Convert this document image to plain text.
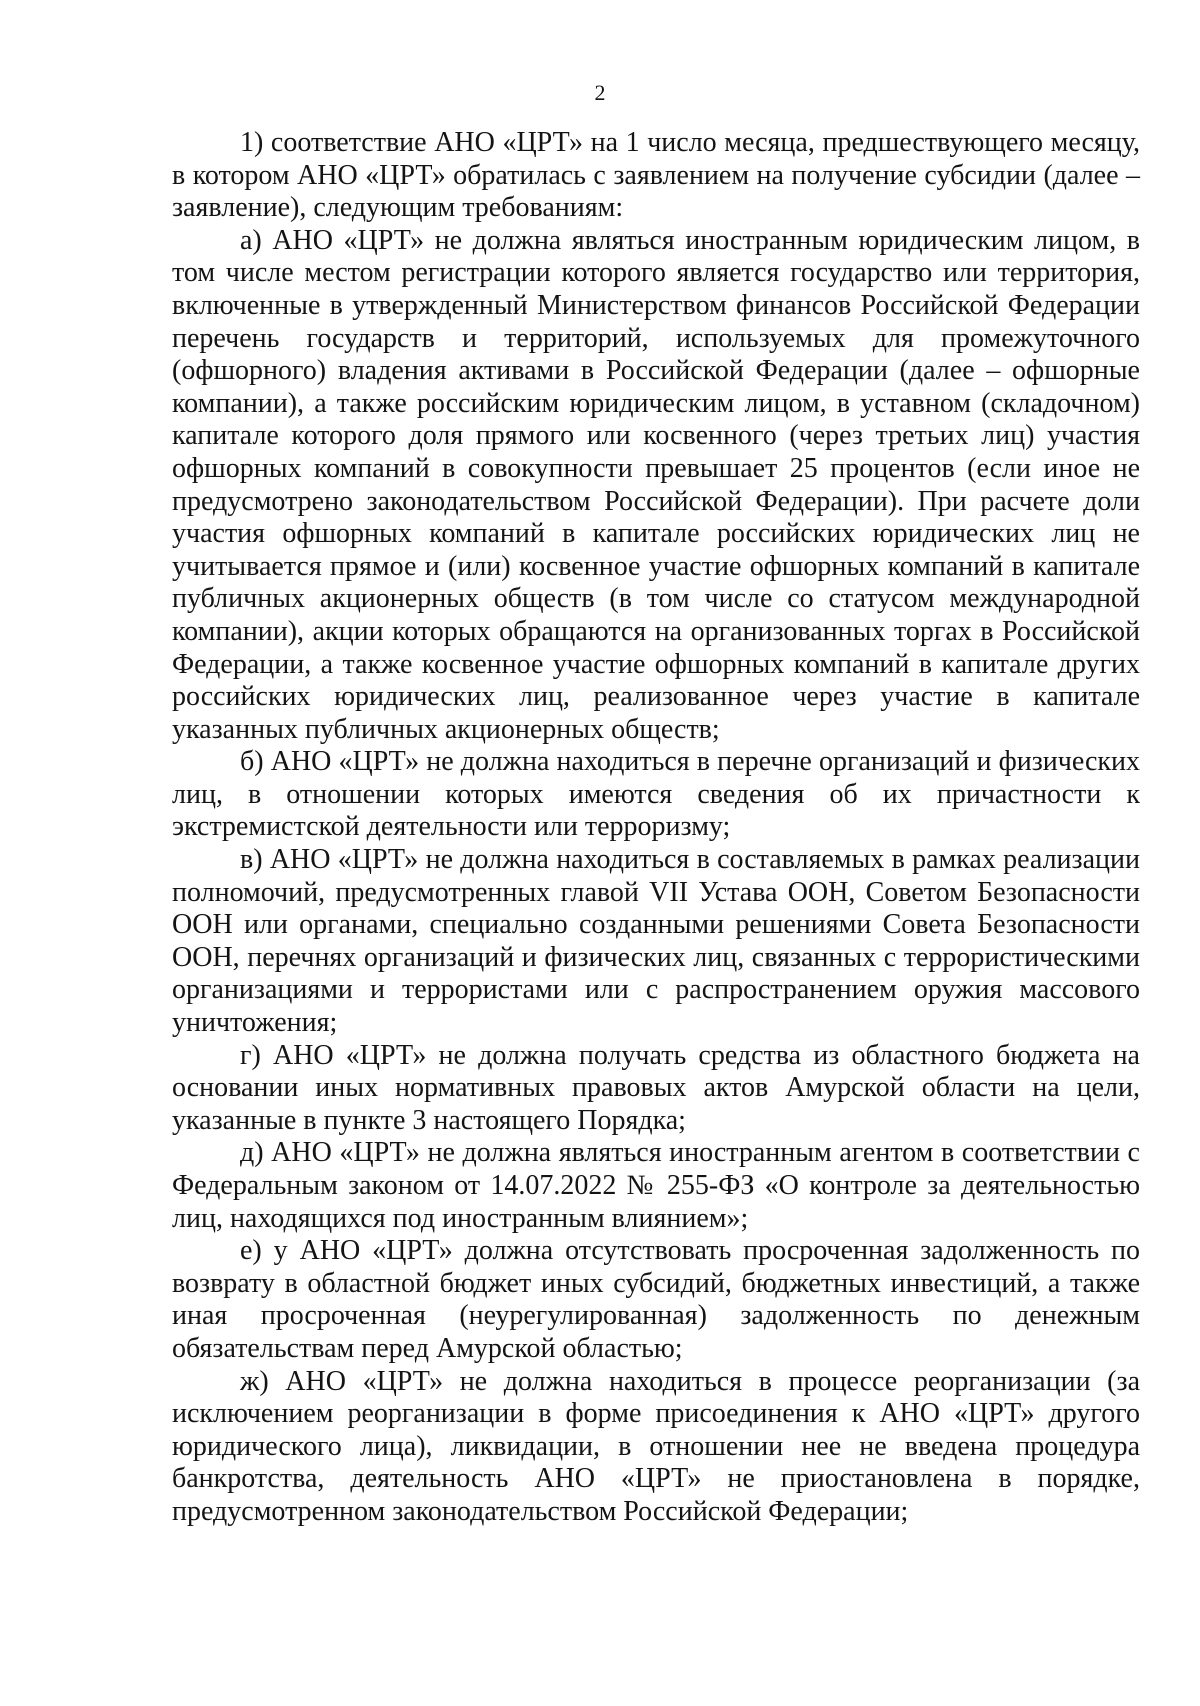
2

1) соответствие АНО «ЦРТ» на 1 число месяца, предшествующего месяцу, в котором АНО «ЦРТ» обратилась с заявлением на получение субсидии (далее – заявление), следующим требованиям:

а) АНО «ЦРТ» не должна являться иностранным юридическим лицом, в том числе местом регистрации которого является государство или территория, включенные в утвержденный Министерством финансов Российской Федерации перечень государств и территорий, используемых для промежуточного (офшорного) владения активами в Российской Федерации (далее – офшорные компании), а также российским юридическим лицом, в уставном (складочном) капитале которого доля прямого или косвенного (через третьих лиц) участия офшорных компаний в совокупности превышает 25 процентов (если иное не предусмотрено законодательством Российской Федерации). При расчете доли участия офшорных компаний в капитале российских юридических лиц не учитывается прямое и (или) косвенное участие офшорных компаний в капитале публичных акционерных обществ (в том числе со статусом международной компании), акции которых обращаются на организованных торгах в Российской Федерации, а также косвенное участие офшорных компаний в капитале других российских юридических лиц, реализованное через участие в капитале указанных публичных акционерных обществ;

б) АНО «ЦРТ» не должна находиться в перечне организаций и физических лиц, в отношении которых имеются сведения об их причастности к экстремистской деятельности или терроризму;

в) АНО «ЦРТ» не должна находиться в составляемых в рамках реализации полномочий, предусмотренных главой VII Устава ООН, Советом Безопасности ООН или органами, специально созданными решениями Совета Безопасности ООН, перечнях организаций и физических лиц, связанных с террористическими организациями и террористами или с распространением оружия массового уничтожения;

г) АНО «ЦРТ» не должна получать средства из областного бюджета на основании иных нормативных правовых актов Амурской области на цели, указанные в пункте 3 настоящего Порядка;

д) АНО «ЦРТ» не должна являться иностранным агентом в соответствии с Федеральным законом от 14.07.2022 № 255-ФЗ «О контроле за деятельностью лиц, находящихся под иностранным влиянием»;

е) у АНО «ЦРТ» должна отсутствовать просроченная задолженность по возврату в областной бюджет иных субсидий, бюджетных инвестиций, а также иная просроченная (неурегулированная) задолженность по денежным обязательствам перед Амурской областью;

ж) АНО «ЦРТ» не должна находиться в процессе реорганизации (за исключением реорганизации в форме присоединения к АНО «ЦРТ» другого юридического лица), ликвидации, в отношении нее не введена процедура банкротства, деятельность АНО «ЦРТ» не приостановлена в порядке, предусмотренном законодательством Российской Федерации;
